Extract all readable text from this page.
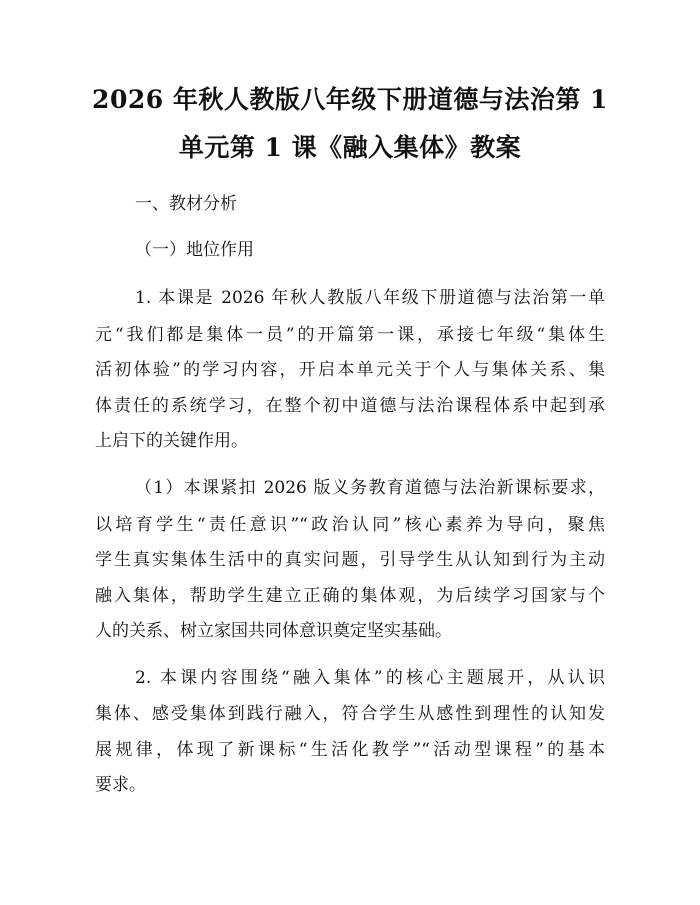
2026 年秋人教版八年级下册道德与法治第 1
单元第 1 课《融入集体》教案
一、教材分析
（一）地位作用
1. 本课是 2026 年秋人教版八年级下册道德与法治第一单
元“我们都是集体一员”的开篇第一课，承接七年级“集体生
活初体验”的学习内容，开启本单元关于个人与集体关系、集
体责任的系统学习，在整个初中道德与法治课程体系中起到承
上启下的关键作用。
（1）本课紧扣 2026 版义务教育道德与法治新课标要求，
以培育学生“责任意识”“政治认同”核心素养为导向，聚焦
学生真实集体生活中的真实问题，引导学生从认知到行为主动
融入集体，帮助学生建立正确的集体观，为后续学习国家与个
人的关系、树立家国共同体意识奠定坚实基础。
2. 本课内容围绕“融入集体”的核心主题展开，从认识
集体、感受集体到践行融入，符合学生从感性到理性的认知发
展规律，体现了新课标“生活化教学”“活动型课程”的基本
要求。
